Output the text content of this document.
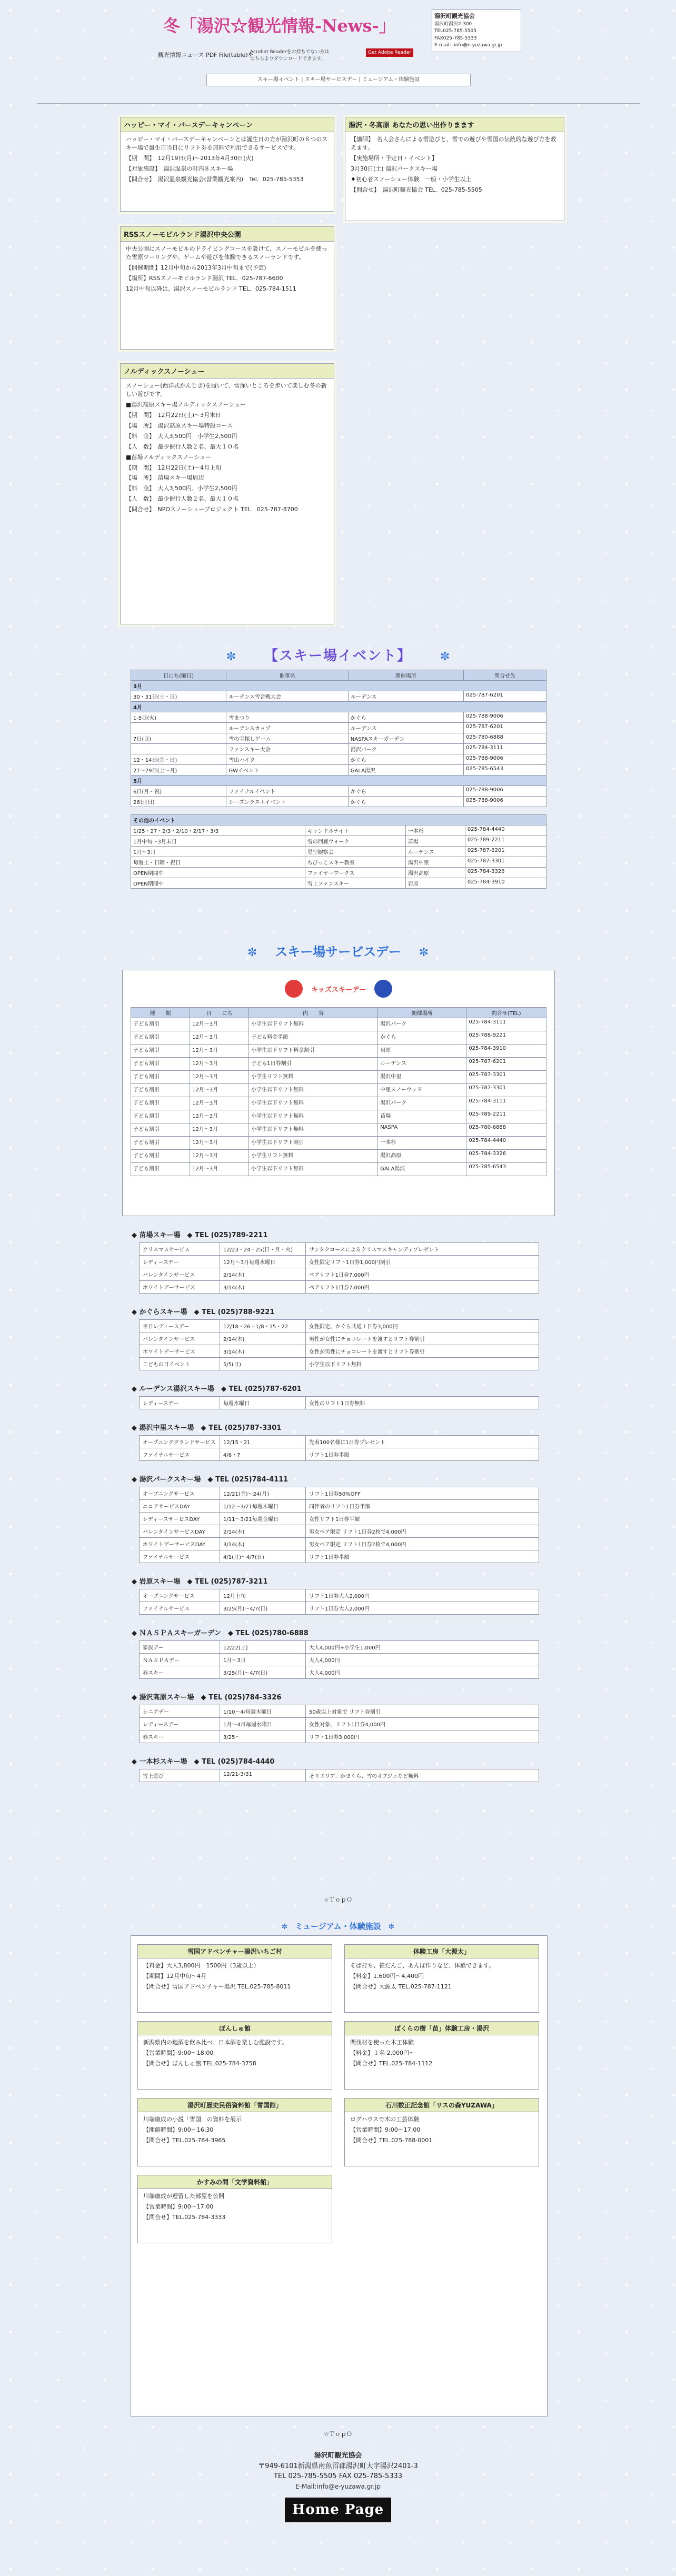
冬「湯沢☆観光情報-News-」
観光情報ニュース PDF File(table)を
Acrobat Readerをお持ちでない方は
こちらよりダウンロードできます。
Get Adobe Reader
湯沢町観光協会
湯沢町湯沢2-300
TEL025-785-5505
FAX025-785-5333
E-mail：info@e-yuzawa.gr.jp
スキー場イベント | スキー場サービスデー | ミュージアム・体験施設
ハッピー・マイ・バースデーキャンペーン

ハッピー・マイ・バースデーキャンペーンとは誕生日の方が湯沢町の８つのスキー場で誕生日当日にリフト券を無料で利用できるサービスです。

【期　間】　12月19日(月)～2013年4月30日(火)

【対象施設】　湯沢温泉の町内８スキー場

【問合せ】　湯沢温泉観光協会(営業観光案内)　Tel．025-785-5353

RSSスノーモビルランド湯沢中央公園

中央公園にスノーモビルのドライビングコースを設けて、スノーモビルを使った雪原ツーリングや、ゲームや遊びを体験できるスノーランドです。

【開催期間】12月中旬から2013年3月中旬まで(予定)

【場所】RSSスノーモビルランド湯沢 TEL．025-787-6600

12月中旬以降は、湯沢スノーモビルランド TEL．025-784-1511

ノルディックスノーシュー

スノーシュー(西洋式かんじき)を履いて、雪深いところを歩いて楽しむ冬の新しい遊びです。

■湯沢高原スキー場ノルディックスノーシュー

【期　間】　12月22日(土)～3月末日

【場　所】　湯沢高原スキー場特設コース

【料　金】　大人3,500円　小学生2,500円

【人　数】　最少催行人数２名、最大１０名

■苗場ノルディックスノーシュー

【期　間】　12月22日(土)～4月上旬

【場　所】　苗場スキー場周辺

【料　金】　大人3,500円、小学生2,500円

【人　数】　最少催行人数２名、最大１０名

【問合せ】　NPOスノーシュープロジェクト TEL．025-787-8700

湯沢・冬高原 あなたの思い出作りまます

【講師】　名人会さんによる雪遊びと、雪での遊びや雪国の伝統的な遊び方を教えます。

【実施場所・予定日・イベント】

3月30日(土) 湯沢パークスキー場

♦初心者スノーシュー体験　一般・小学生以上

【問合せ】　湯沢町観光協会 TEL．025-785-5505

✼ 【スキー場イベント】 ✼
日にち(曜日)	催事名	開催場所	問合せ先
3月			
30・31日(土・日)	ルーデンス雪合戦大会	ルーデンス	025-787-6201
4月			
1-5日(火)	雪まつり	かぐら	025-788-9006
	ルーデンスカップ	ルーデンス	025-787-6201
7日(日)	雪の宝探しゲーム	NASPAスキーガーデン	025-780-6888
	ファンスキー大会	湯沢パーク	025-784-3111
12・14日(金・日)	雪山ハイク	かぐら	025-788-9006
27～29日(土～月)	GWイベント	GALA湯沢	025-785-6543
5月			
6日(月・祝)	ファイナルイベント	かぐら	025-788-9006
26日(日)	シーズンラストイベント	かぐら	025-788-9006
その他のイベント			
1/25・27・2/3・2/10・2/17・3/3	キャンドルナイト	一本杉	025-784-4440
1月中旬～3月末日	雪の回廊ウォーク	苗場	025-789-2211
1月～3月	星空観察会	ルーデンス	025-787-6201
毎週土・日曜・祝日	ちびっこスキー教室	湯沢中里	025-787-3301
OPEN期間中	ファイヤーワークス	湯沢高原	025-784-3326
OPEN期間中	雪上ファンスキー	岩原	025-784-3910
✼ スキー場サービスデー ✼
キッズスキーデー
種　　類	日　　にち	内　　容	開催場所	問合せ(TEL)
子ども割引	12月～3月	小学生以下リフト無料	湯沢パーク	025-784-3111
子ども割引	12月～3月	子ども料金半額	かぐら	025-788-9221
子ども割引	12月～3月	小学生以下リフト料金割引	岩原	025-784-3910
子ども割引	12月～3月	子ども1日券割引	ルーデンス	025-787-6201
子ども割引	12月～3月	小学生リフト無料	湯沢中里	025-787-3301
子ども割引	12月～3月	小学生以下リフト無料	中里スノーウッド	025-787-3301
子ども割引	12月～3月	小学生以下リフト無料	湯沢パーク	025-784-3111
子ども割引	12月～3月	小学生以下リフト無料	苗場	025-789-2211
子ども割引	12月～3月	小学生以下リフト無料	NASPA	025-780-6888
子ども割引	12月～3月	小学生以下リフト割引	一本杉	025-784-4440
子ども割引	12月～3月	小学生リフト無料	湯沢高原	025-784-3326
子ども割引	12月～3月	小学生以下リフト無料	GALA湯沢	025-785-6543
◆ 苗場スキー場　◆ TEL (025)789-2211
クリスマスサービス	12/23・24・25(日・月・火)	サンタクロースによるクリスマスキャンディプレゼント
レディースデー	12月～3月毎週水曜日	女性限定リフト1日券1,000円割引
バレンタインサービス	2/14(木)	ペアリフト1日券7,000円
ホワイトデーサービス	3/14(木)	ペアリフト1日券7,000円
◆ かぐらスキー場　◆ TEL (025)788-9221
平日レディースデー	12/18・26・1/8・15・22	女性限定、かぐら共通１日券3,000円
バレンタインサービス	2/14(木)	男性が女性にチョコレートを渡すとリフト券割引
ホワイトデーサービス	3/14(木)	女性が男性にチョコレートを渡すとリフト券割引
こどもの日イベント	5/5(日)	小学生以下リフト無料
◆ ルーデンス湯沢スキー場　◆ TEL (025)787-6201
レディースデー	毎週水曜日	女性のリフト1日券無料
◆ 湯沢中里スキー場　◆ TEL (025)787-3301
オープニンググランドサービス	12/15・21	先着100名様に1日券プレゼント
ファイナルサービス	4/6・7	リフト1日券半額
◆ 湯沢パークスキー場　◆ TEL (025)784-4111
オープニングサービス	12/21(金)～24(月)	リフト1日券50%OFF
ニコアサービスDAY	1/12～3/21毎週木曜日	同伴者のリフト1日券半額
レディースサービスDAY	1/11～3/21毎週金曜日	女性リフト1日券半額
バレンタインサービスDAY	2/14(木)	男女ペア限定 リフト1日券2枚で4,000円
ホワイトデーサービスDAY	3/14(木)	男女ペア限定 リフト1日券2枚で4,000円
ファイナルサービス	4/1(月)～4/7(日)	リフト1日券半額
◆ 岩原スキー場　◆ TEL (025)787-3211
オープニングサービス	12月上旬	リフト1日券大人2,000円
ファイナルサービス	3/25(月)～4/7(日)	リフト1日券大人2,000円
◆ ＮＡＳＰＡスキーガーデン　◆ TEL (025)780-6888
家族デー	12/22(土)	大人4,000円+小学生1,000円
ＮＡＳＰＡデー	1月～3月	大人4,000円
春スキー	3/25(月)～4/7(日)	大人4,000円
◆ 湯沢高原スキー場　◆ TEL (025)784-3326
シニアデー	1/10～4/毎週木曜日	50歳以上対象で リフト券割引
レディースデー	1月～4月毎週水曜日	女性対象、リフト1日券4,000円
春スキー	3/25～	リフト1日券3,000円
◆ 一本杉スキー場　◆ TEL (025)784-4440
雪上遊び	12/21-3/31	そりエリア、かまくら、雪のオブジェなど無料
☆ＴｏｐＯ
✼ ミュージアム・体験施設 ✼
雪国アドベンチャー湯沢いちご村

【料金】大人3,800円　1500円（3歳以上）

【期間】12月中旬～4月

【問合せ】雪国アドベンチャー湯沢 TEL.025-785-8011

ぽんしゅ館

新潟県内の地酒を飲み比べ、日本酒を楽しむ施設です。

【営業時間】9:00～18:00

【問合せ】ぽんしゅ館 TEL.025-784-3758

湯沢町歴史民俗資料館「雪国館」

川端康成の小説「雪国」の資料を展示

【開館時間】9:00～16:30

【問合せ】TEL.025-784-3965

かすみの間「文学資料館」

川端康成が逗留した部屋を公開

【営業時間】9:00～17:00

【問合せ】TEL.025-784-3333

体験工房「大源太」

そば打ち、笹だんご、あんぽ作りなど、体験できます。

【料金】1,600円～4,400円

【問合せ】大源太 TEL.025-787-1121

ぼくらの樹「苗」体験工房・湯沢

間伐材を使った木工体験

【料金】１名 2,000円～

【問合せ】TEL.025-784-1112

石川数正記念館「リスの森YUZAWA」

ログハウスで木の工芸体験

【営業時間】9:00～17:00

【問合せ】TEL.025-788-0001

☆ＴｏｐＯ
湯沢町観光協会
〒949-6101新潟県南魚沼郡湯沢町大字湯沢2401-3
TEL 025-785-5505 FAX 025-785-5333
E-Mail:info@e-yuzawa.gr.jp
Home Page
